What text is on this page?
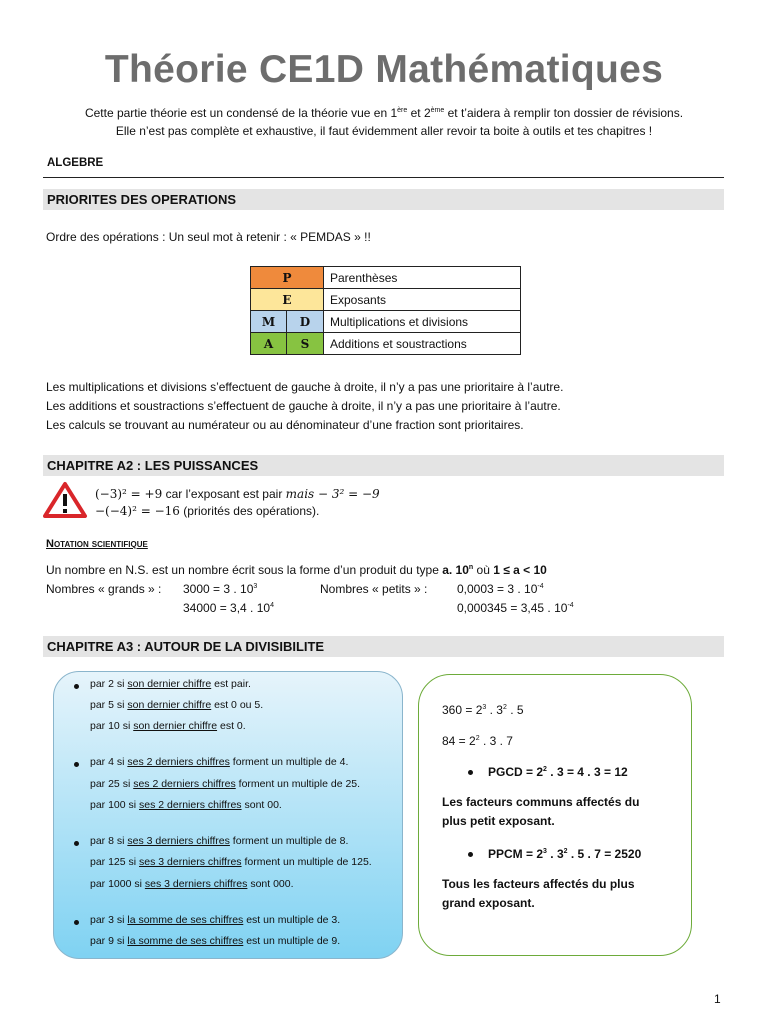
Théorie CE1D Mathématiques
Cette partie théorie est un condensé de la théorie vue en 1ère et 2ème et t’aidera à remplir ton dossier de révisions.
Elle n’est pas complète et exhaustive, il faut évidemment aller revoir ta boite à outils et tes chapitres !
ALGEBRE
PRIORITES DES OPERATIONS
Ordre des opérations : Un seul mot à retenir : « PEMDAS » !!
P		Parenthèses
E		Exposants
M	D	Multiplications et divisions
A	S	Additions et soustractions
Les multiplications et divisions s’effectuent de gauche à droite, il n’y a pas une prioritaire à l’autre.
Les additions et soustractions s’effectuent de gauche à droite, il n’y a pas une prioritaire à l’autre.
Les calculs se trouvant au numérateur ou au dénominateur d’une fraction sont prioritaires.
CHAPITRE A2 : LES PUISSANCES
(−3)² = +9 car l’exposant est pair mais − 3² = −9
−(−4)² = −16 (priorités des opérations).
Notation scientifique
Un nombre en N.S. est un nombre écrit sous la forme d’un produit du type a. 10$^n$ où 1 ≤ a < 10
Nombres « grands » : 3000 = 3 . $10^3$
34000 = 3,4 . $10^4$
Nombres « petits » : 0,0003 = 3 . $10^{-4}$
0,000345 = 3,45 . $10^{-4}$
CHAPITRE A3 : AUTOUR DE LA DIVISIBILITE
par 2 si son dernier chiffre est pair.
par 5 si son dernier chiffre est 0 ou 5.
par 10 si son dernier chiffre est 0.
par 4 si ses 2 derniers chiffres forment un multiple de 4.
par 25 si ses 2 derniers chiffres forment un multiple de 25.
par 100 si ses 2 derniers chiffres sont 00.
par 8 si ses 3 derniers chiffres forment un multiple de 8.
par 125 si ses 3 derniers chiffres forment un multiple de 125.
par 1000 si ses 3 derniers chiffres sont 000.
par 3 si la somme de ses chiffres est un multiple de 3.
par 9 si la somme de ses chiffres est un multiple de 9.
$360 = 2^3$ . $3^2$ . 5
$84 = 2^2$ . 3 . 7
PGCD = $2^2$ . 3 = 4 . 3 = 12
Les facteurs communs affectés du
plus petit exposant.
PPCM = $2^3$ . $3^2$ . 5 . 7 = 2520
Tous les facteurs affectés du plus
grand exposant.
1
